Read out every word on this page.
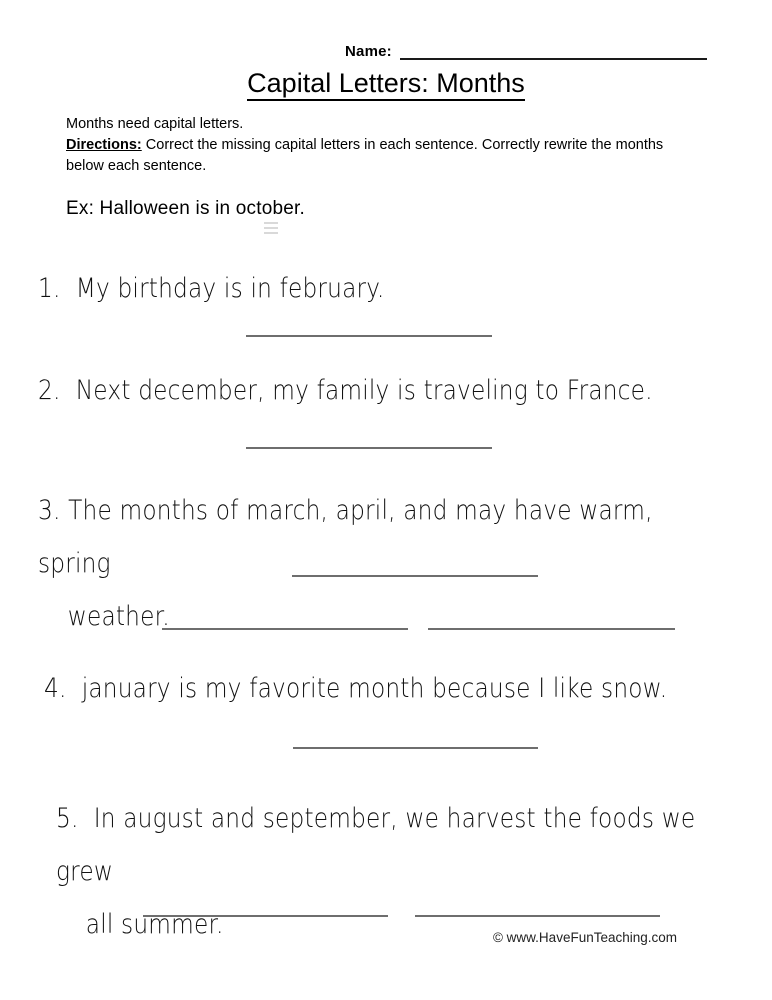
Name:
Capital Letters: Months

Months need capital letters.

Directions: Correct the missing capital letters in each sentence. Correctly rewrite the months below each sentence.

Ex: Halloween is in october.
1.  My birthday is in february.
2.  Next december, my family is traveling to France.
3. The months of march, april, and may have warm, spring
weather.
4.  january is my favorite month because I like snow.
5.  In august and september, we harvest the foods we grew
all summer.	© www.HaveFunTeaching.com
